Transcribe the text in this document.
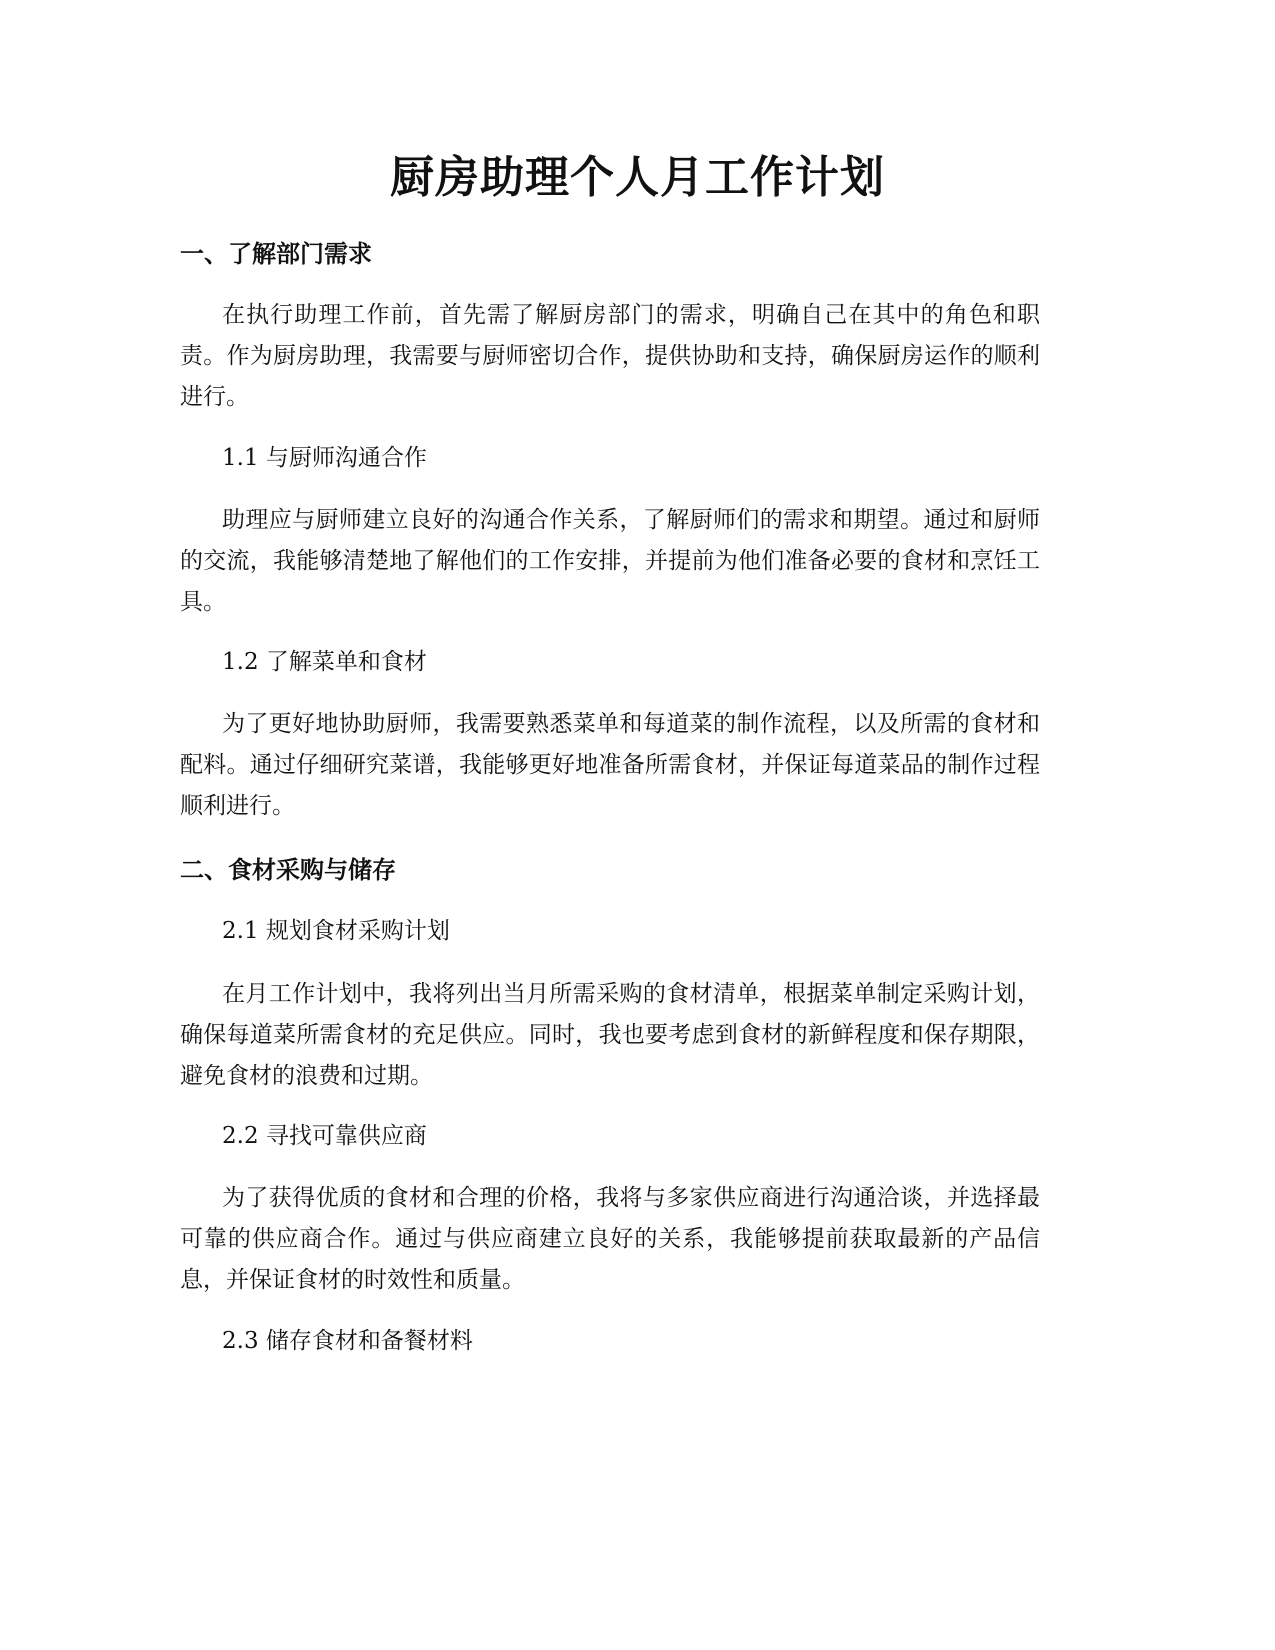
厨房助理个人月工作计划
一、了解部门需求

在执行助理工作前，首先需了解厨房部门的需求，明确自己在其中的角色和职责。作为厨房助理，我需要与厨师密切合作，提供协助和支持，确保厨房运作的顺利进行。

1.1 与厨师沟通合作

助理应与厨师建立良好的沟通合作关系，了解厨师们的需求和期望。通过和厨师的交流，我能够清楚地了解他们的工作安排，并提前为他们准备必要的食材和烹饪工具。

1.2 了解菜单和食材

为了更好地协助厨师，我需要熟悉菜单和每道菜的制作流程，以及所需的食材和配料。通过仔细研究菜谱，我能够更好地准备所需食材，并保证每道菜品的制作过程顺利进行。

二、食材采购与储存

2.1 规划食材采购计划

在月工作计划中，我将列出当月所需采购的食材清单，根据菜单制定采购计划，确保每道菜所需食材的充足供应。同时，我也要考虑到食材的新鲜程度和保存期限，避免食材的浪费和过期。

2.2 寻找可靠供应商

为了获得优质的食材和合理的价格，我将与多家供应商进行沟通洽谈，并选择最可靠的供应商合作。通过与供应商建立良好的关系，我能够提前获取最新的产品信息，并保证食材的时效性和质量。

2.3 储存食材和备餐材料
